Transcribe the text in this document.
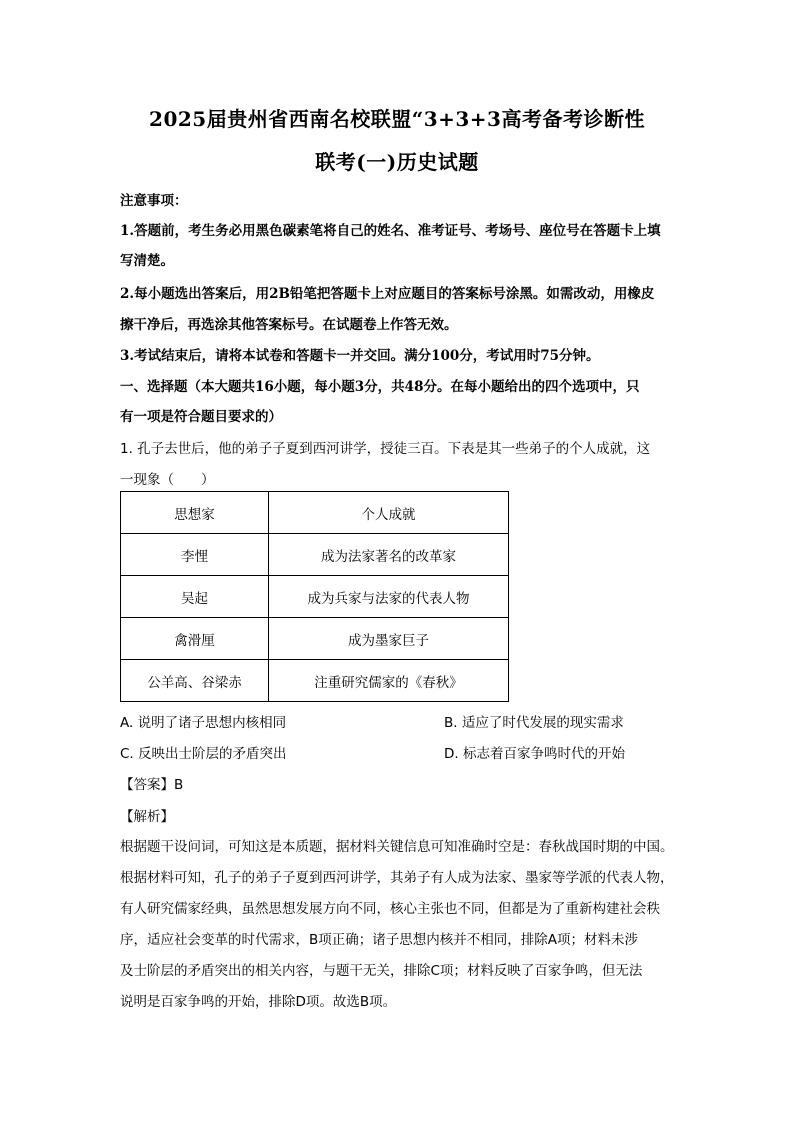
2025届贵州省西南名校联盟“3+3+3高考备考诊断性
联考(一)历史试题
注意事项：
1.答题前，考生务必用黑色碳素笔将自己的姓名、准考证号、考场号、座位号在答题卡上填
写清楚。
2.每小题选出答案后，用2B铅笔把答题卡上对应题目的答案标号涂黑。如需改动，用橡皮
擦干净后，再选涂其他答案标号。在试题卷上作答无效。
3.考试结束后，请将本试卷和答题卡一并交回。满分100分，考试用时75分钟。
一、选择题（本大题共16小题，每小题3分，共48分。在每小题给出的四个选项中，只
有一项是符合题目要求的）
1. 孔子去世后，他的弟子子夏到西河讲学，授徒三百。下表是其一些弟子的个人成就，这
一现象（　　）
思想家	个人成就
李悝	成为法家著名的改革家
吴起	成为兵家与法家的代表人物
禽滑厘	成为墨家巨子
公羊高、谷梁赤	注重研究儒家的《春秋》
A. 说明了诸子思想内核相同	B. 适应了时代发展的现实需求
C. 反映出士阶层的矛盾突出	D. 标志着百家争鸣时代的开始
【答案】B
【解析】
根据题干设问词，可知这是本质题，据材料关键信息可知准确时空是：春秋战国时期的中国。
根据材料可知，孔子的弟子子夏到西河讲学，其弟子有人成为法家、墨家等学派的代表人物，
有人研究儒家经典，虽然思想发展方向不同，核心主张也不同，但都是为了重新构建社会秩
序，适应社会变革的时代需求，B项正确；诸子思想内核并不相同，排除A项；材料未涉
及士阶层的矛盾突出的相关内容，与题干无关，排除C项；材料反映了百家争鸣，但无法
说明是百家争鸣的开始，排除D项。故选B项。
